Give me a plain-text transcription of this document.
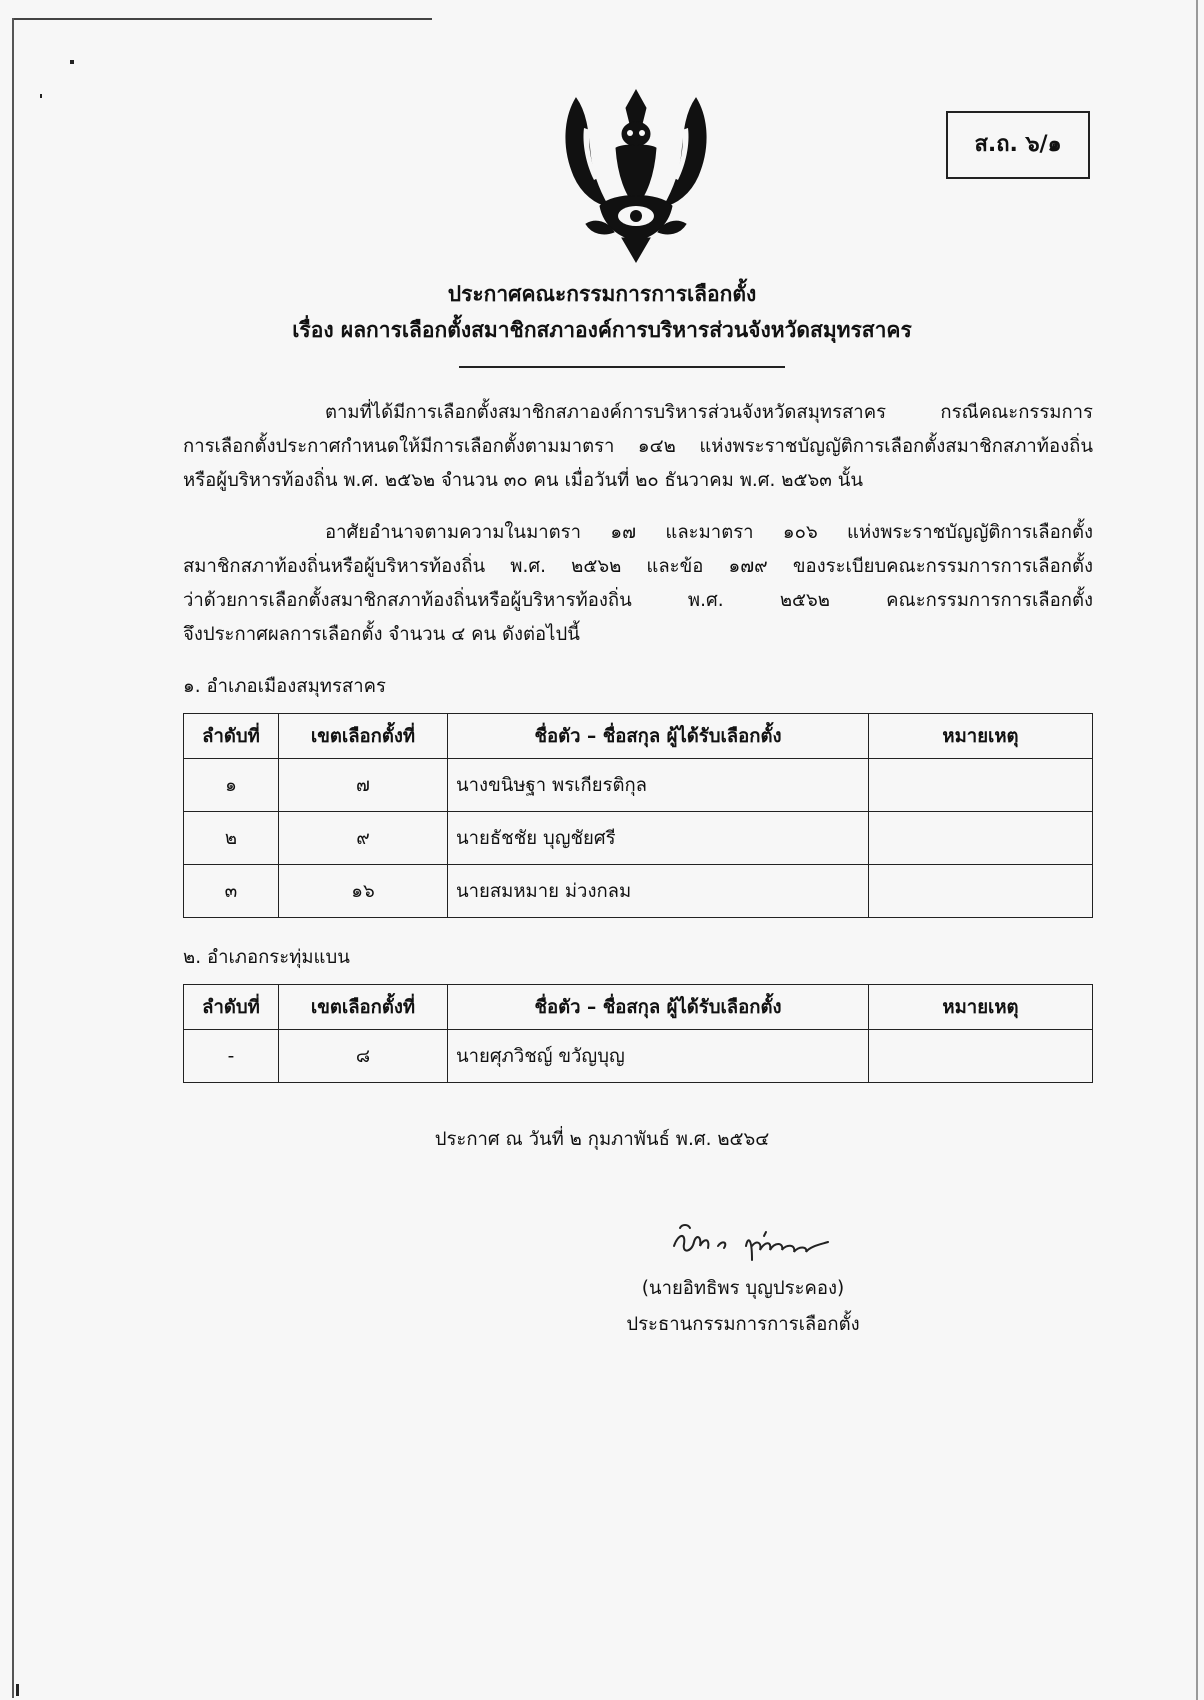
ส.ถ. ๖/๑
ประกาศคณะกรรมการการเลือกตั้ง
เรื่อง ผลการเลือกตั้งสมาชิกสภาองค์การบริหารส่วนจังหวัดสมุทรสาคร
ตามที่ได้มีการเลือกตั้งสมาชิกสภาองค์การบริหารส่วนจังหวัดสมุทรสาคร กรณีคณะกรรมการ
การเลือกตั้งประกาศกำหนดให้มีการเลือกตั้งตามมาตรา ๑๔๒ แห่งพระราชบัญญัติการเลือกตั้งสมาชิกสภาท้องถิ่น
หรือผู้บริหารท้องถิ่น พ.ศ. ๒๕๖๒ จำนวน ๓๐ คน เมื่อวันที่ ๒๐ ธันวาคม พ.ศ. ๒๕๖๓ นั้น
อาศัยอำนาจตามความในมาตรา ๑๗ และมาตรา ๑๐๖ แห่งพระราชบัญญัติการเลือกตั้ง
สมาชิกสภาท้องถิ่นหรือผู้บริหารท้องถิ่น พ.ศ. ๒๕๖๒ และข้อ ๑๗๙ ของระเบียบคณะกรรมการการเลือกตั้ง
ว่าด้วยการเลือกตั้งสมาชิกสภาท้องถิ่นหรือผู้บริหารท้องถิ่น พ.ศ. ๒๕๖๒ คณะกรรมการการเลือกตั้ง
จึงประกาศผลการเลือกตั้ง จำนวน ๔ คน ดังต่อไปนี้
๑. อำเภอเมืองสมุทรสาคร
ลำดับที่	เขตเลือกตั้งที่	ชื่อตัว – ชื่อสกุล ผู้ได้รับเลือกตั้ง	หมายเหตุ
๑	๗	นางขนิษฐา พรเกียรติกุล	
๒	๙	นายธัชชัย บุญชัยศรี	
๓	๑๖	นายสมหมาย ม่วงกลม	
๒. อำเภอกระทุ่มแบน
ลำดับที่	เขตเลือกตั้งที่	ชื่อตัว – ชื่อสกุล ผู้ได้รับเลือกตั้ง	หมายเหตุ
-	๘	นายศุภวิชญ์ ขวัญบุญ	
ประกาศ ณ วันที่ ๒ กุมภาพันธ์ พ.ศ. ๒๕๖๔
(นายอิทธิพร บุญประคอง)
ประธานกรรมการการเลือกตั้ง
